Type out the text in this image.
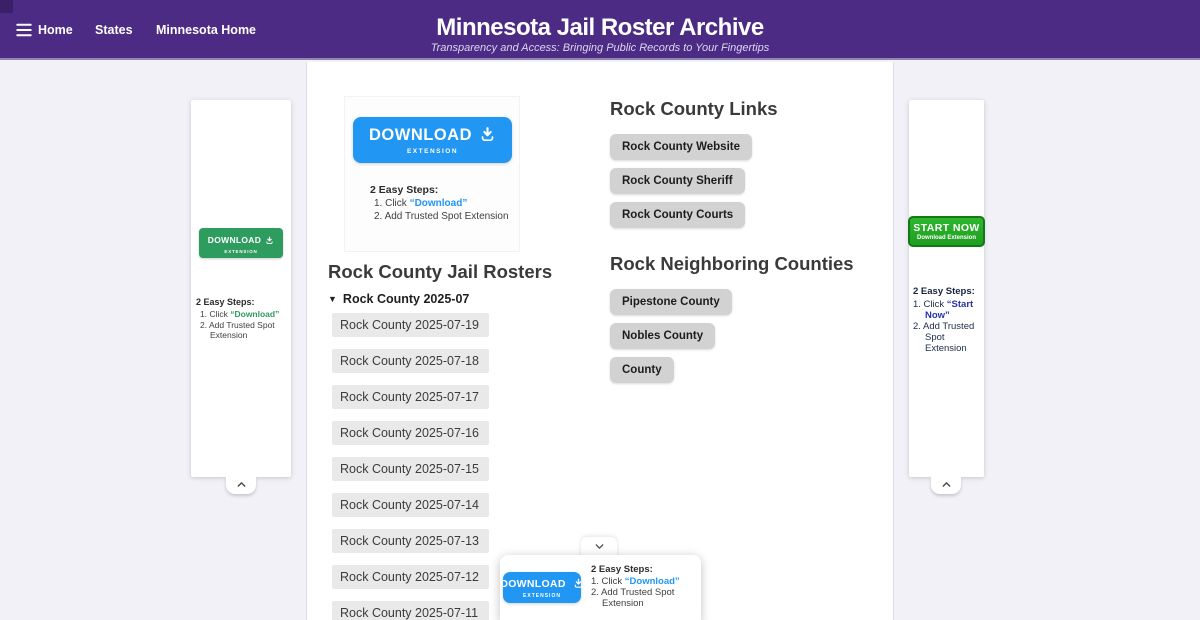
Home States Minnesota Home	Minnesota Jail Roster Archive
Transparency and Access: Bringing Public Records to Your Fingertips
DOWNLOAD
EXTENSION
2 Easy Steps:
1. Click “Download”
2. Add Trusted Spot Extension
Rock County Jail Rosters
▼ Rock County 2025-07
Rock County 2025-07-19
Rock County 2025-07-18
Rock County 2025-07-17
Rock County 2025-07-16
Rock County 2025-07-15
Rock County 2025-07-14
Rock County 2025-07-13
Rock County 2025-07-12
Rock County 2025-07-11
Rock County Links
Rock County Website
Rock County Sheriff
Rock County Courts
Rock Neighboring Counties
Pipestone County
Nobles County
County
DOWNLOAD
EXTENSION
2 Easy Steps:
1. Click “Download”
2. Add Trusted Spot Extension
START NOW
Download Extension
2 Easy Steps:
1. Click “Start Now”
2. Add Trusted Spot Extension
DOWNLOAD
EXTENSION
2 Easy Steps:
1. Click “Download”
2. Add Trusted Spot Extension
